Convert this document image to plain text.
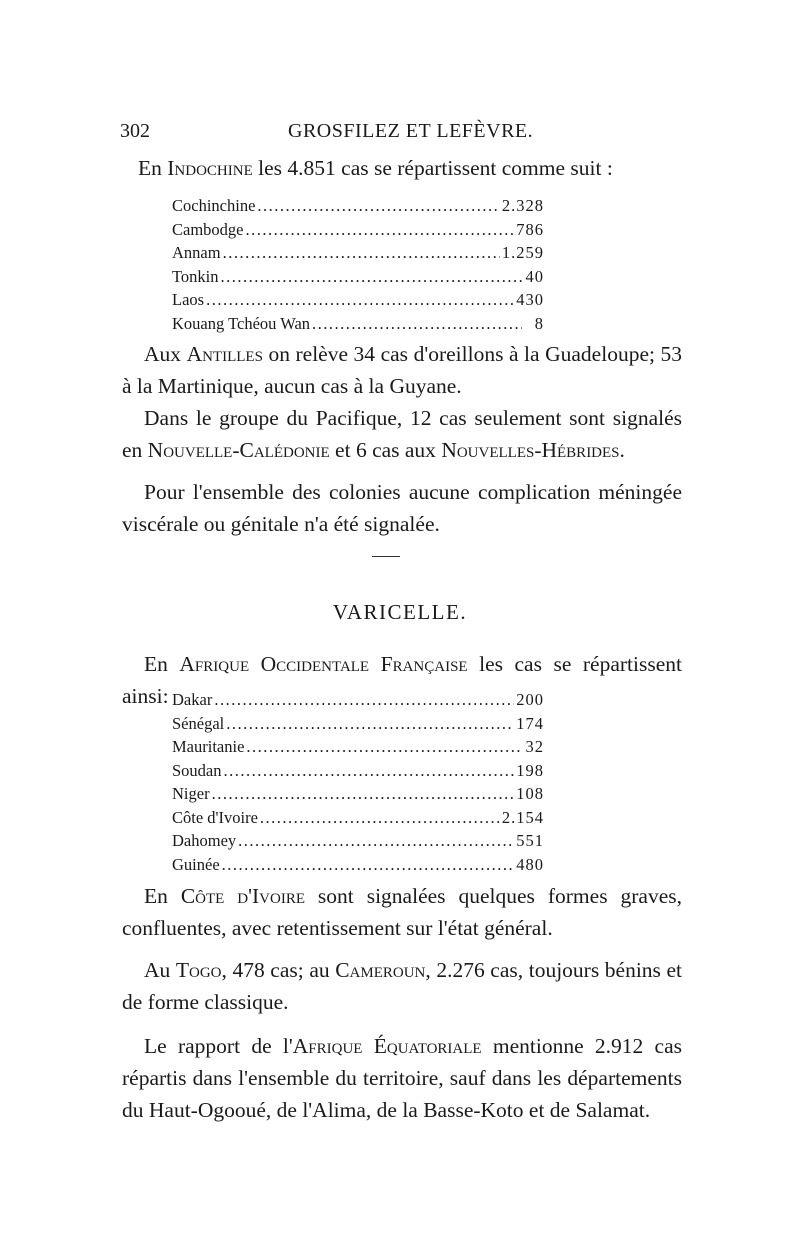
302	GROSFILEZ ET LEFÈVRE.

En Indochine les 4.851 cas se répartissent comme suit :

Cochinchine .....	2.328
Cambodge .....	786
Annam .....	1.259
Tonkin .....	40
Laos .....	430
Kouang Tchéou Wan .....	8

Aux Antilles on relève 34 cas d'oreillons à la Guadeloupe; 53 à la Martinique, aucun cas à la Guyane.

Dans le groupe du Pacifique, 12 cas seulement sont signalés en Nouvelle-Calédonie et 6 cas aux Nouvelles-Hébrides.

Pour l'ensemble des colonies aucune complication méningée viscérale ou génitale n'a été signalée.

VARICELLE.

En Afrique Occidentale Française les cas se répartissent ainsi: Dakar .....	200
Sénégal .....	174
Mauritanie .....	32
Soudan .....	198
Niger .....	108
Côte d'Ivoire .....	2.154
Dahomey .....	551
Guinée .....	480

En Côte d'Ivoire sont signalées quelques formes graves, confluentes, avec retentissement sur l'état général.

Au Togo, 478 cas; au Cameroun, 2.276 cas, toujours bénins et de forme classique.

Le rapport de l'Afrique Équatoriale mentionne 2.912 cas répartis dans l'ensemble du territoire, sauf dans les départements du Haut-Ogooué, de l'Alima, de la Basse-Koto et de Salamat.
